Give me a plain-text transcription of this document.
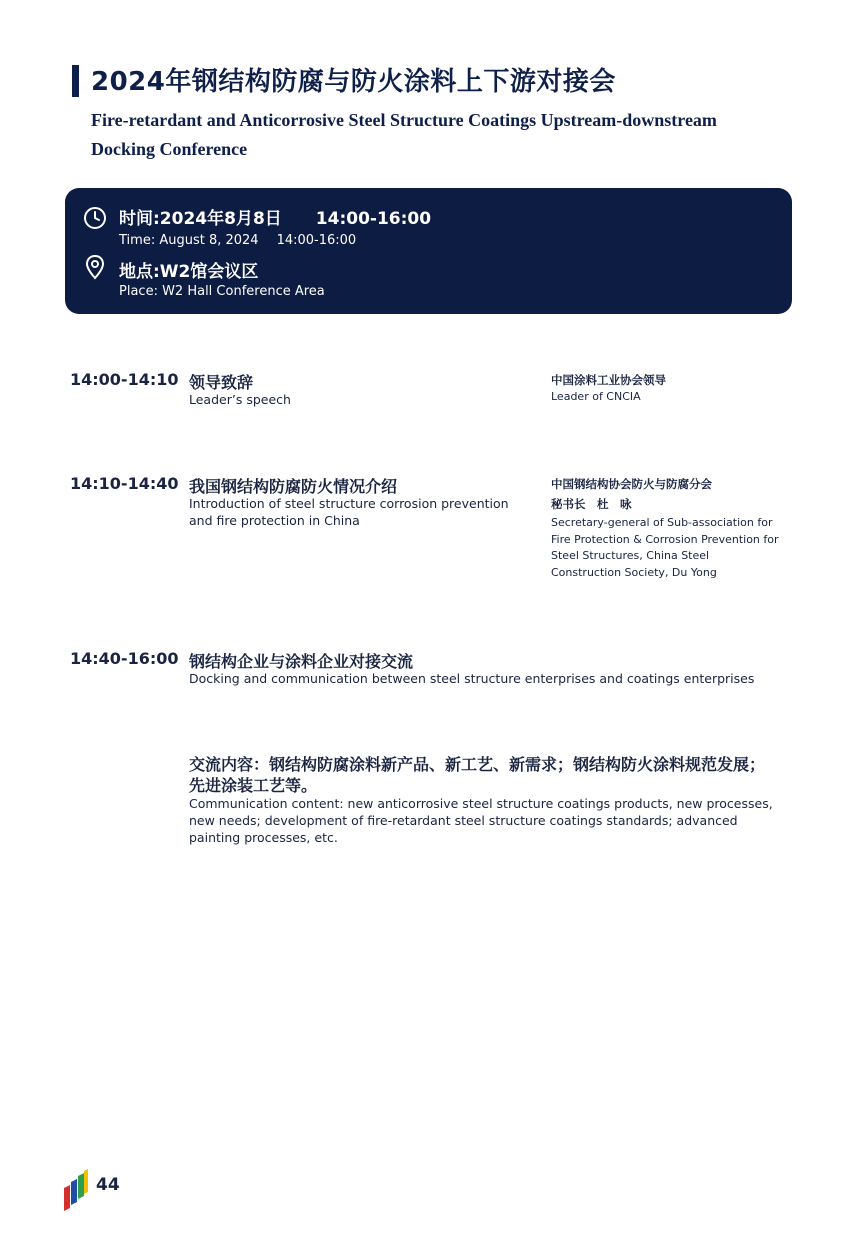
2024年钢结构防腐与防火涂料上下游对接会
Fire-retardant and Anticorrosive Steel Structure Coatings Upstream-downstream Docking Conference
时间:2024年8月8日 14:00-16:00
Time: August 8, 2024 14:00-16:00
地点:W2馆会议区
Place: W2 Hall Conference Area
14:00-14:10 领导致辞
Leader’s speech
中国涂料工业协会领导
Leader of CNCIA
14:10-14:40 我国钢结构防腐防火情况介绍
Introduction of steel structure corrosion prevention and fire protection in China
中国钢结构协会防火与防腐分会
秘书长　杜　咏
Secretary-general of Sub-association for Fire Protection & Corrosion Prevention for Steel Structures, China Steel Construction Society, Du Yong
14:40-16:00 钢结构企业与涂料企业对接交流
Docking and communication between steel structure enterprises and coatings enterprises
交流内容：钢结构防腐涂料新产品、新工艺、新需求；钢结构防火涂料规范发展；先进涂装工艺等。
Communication content: new anticorrosive steel structure coatings products, new processes, new needs; development of fire-retardant steel structure coatings standards; advanced painting processes, etc.
44
